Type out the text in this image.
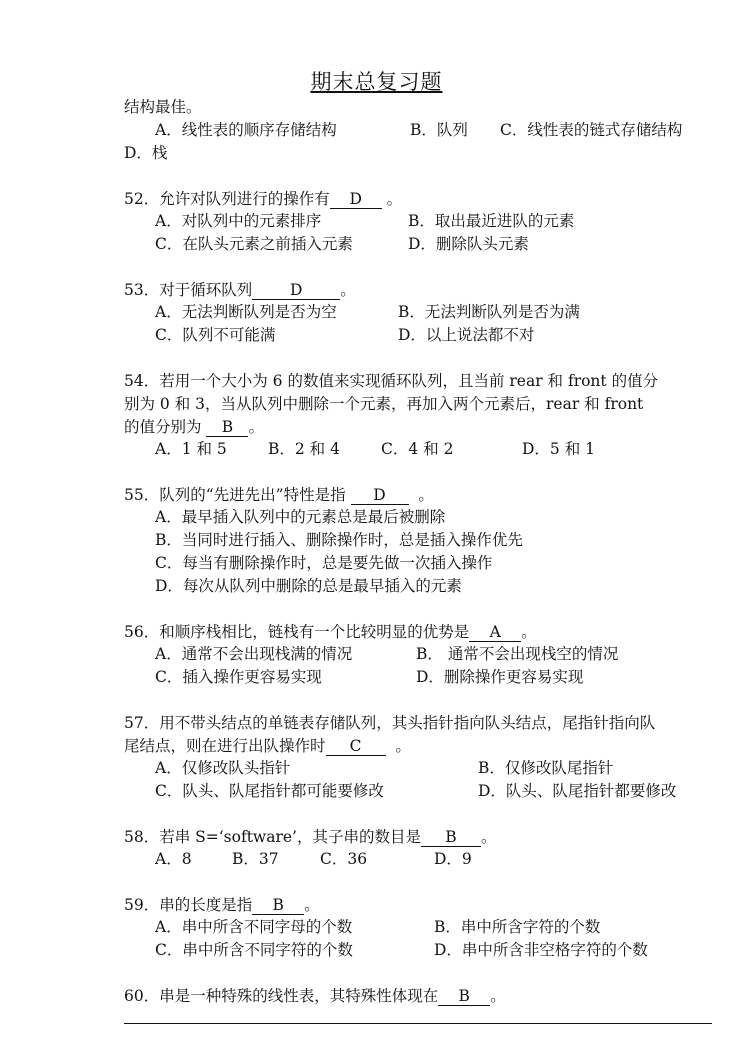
期末总复习题
结构最佳。
A．线性表的顺序存储结构	B．队列 C．线性表的链式存储结构
D．栈
52．允许对队列进行的操作有 D 。
A．对队列中的元素排序	B．取出最近进队的元素
C．在队头元素之前插入元素	D．删除队头元素
53．对于循环队列 D 。
A．无法判断队列是否为空	B．无法判断队列是否为满
C．队列不可能满	D．以上说法都不对
54．若用一个大小为 6 的数值来实现循环队列，且当前 rear 和 front 的值分
别为 0 和 3，当从队列中删除一个元素，再加入两个元素后，rear 和 front
的值分别为 B 。
A．1 和 5	B．2 和 4	C．4 和 2	D．5 和 1
55．队列的“先进先出”特性是指 D 。
A．最早插入队列中的元素总是最后被删除
B．当同时进行插入、删除操作时，总是插入操作优先
C．每当有删除操作时，总是要先做一次插入操作
D．每次从队列中删除的总是最早插入的元素
56．和顺序栈相比，链栈有一个比较明显的优势是 A 。
A．通常不会出现栈满的情况	B． 通常不会出现栈空的情况
C．插入操作更容易实现	D．删除操作更容易实现
57．用不带头结点的单链表存储队列，其头指针指向队头结点，尾指针指向队
尾结点，则在进行出队操作时 C 。
A．仅修改队头指针	B．仅修改队尾指针
C．队头、队尾指针都可能要修改	D．队头、队尾指针都要修改
58．若串 S=‘software’，其子串的数目是 B 。
A．8	B．37	C．36	D．9
59．串的长度是指 B 。
A．串中所含不同字母的个数	B．串中所含字符的个数
C．串中所含不同字符的个数	D．串中所含非空格字符的个数
60．串是一种特殊的线性表，其特殊性体现在 B 。
